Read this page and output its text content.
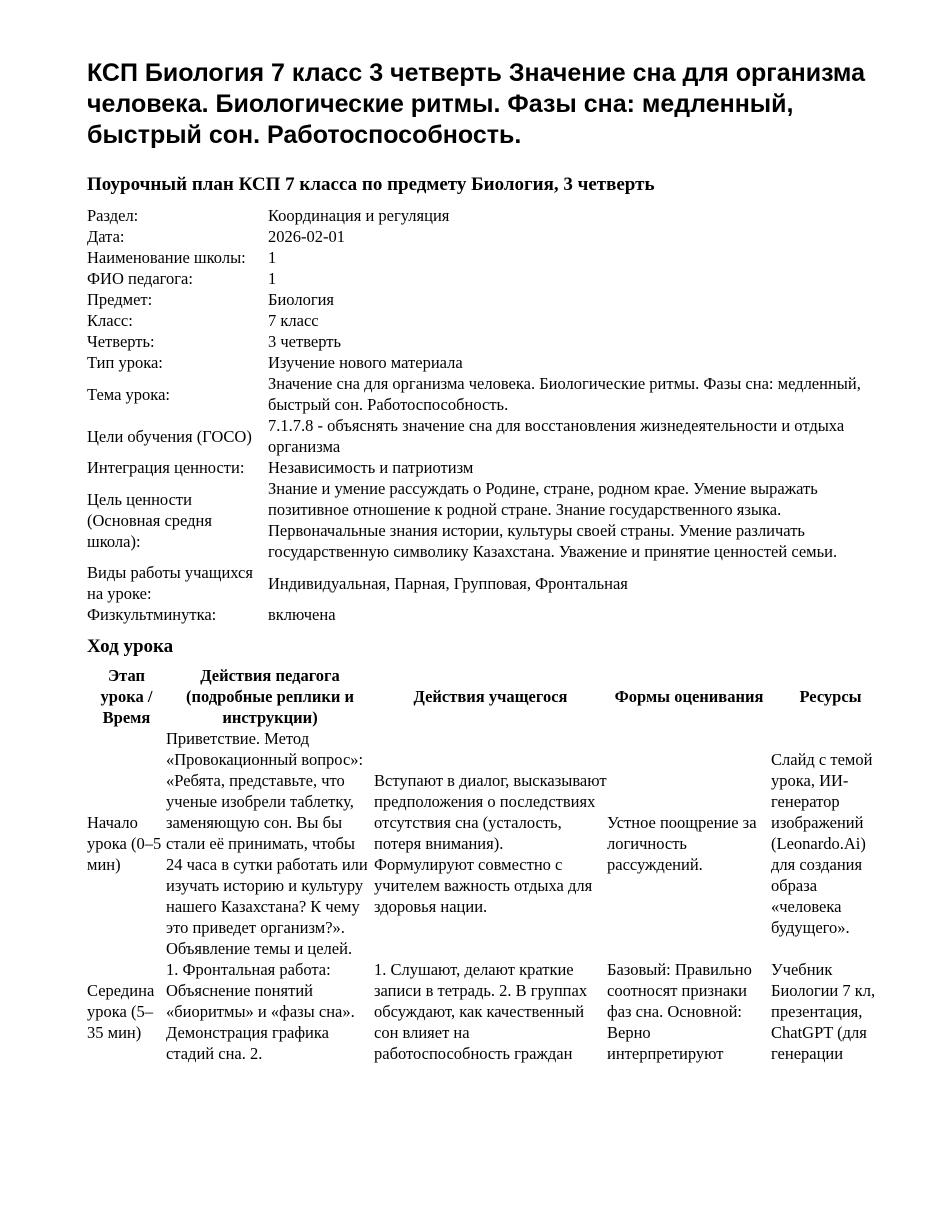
КСП Биология 7 класс 3 четверть Значение сна для организма человека. Биологические ритмы. Фазы сна: медленный, быстрый сон. Работоспособность.
Поурочный план КСП 7 класса по предмету Биология, 3 четверть
Раздел:	Координация и регуляция
Дата:	2026-02-01
Наименование школы:	1
ФИО педагога:	1
Предмет:	Биология
Класс:	7 класс
Четверть:	3 четверть
Тип урока:	Изучение нового материала
Тема урока:	Значение сна для организма человека. Биологические ритмы. Фазы сна: медленный, быстрый сон. Работоспособность.
Цели обучения (ГОСО)	7.1.7.8 - объяснять значение сна для восстановления жизнедеятельности и отдыха организма
Интеграция ценности:	Независимость и патриотизм
Цель ценности (Основная средня школа):	Знание и умение рассуждать о Родине, стране, родном крае. Умение выражать позитивное отношение к родной стране. Знание государственного языка. Первоначальные знания истории, культуры своей страны. Умение различать государственную символику Казахстана. Уважение и принятие ценностей семьи.
Виды работы учащихся на уроке:	Индивидуальная, Парная, Групповая, Фронтальная
Физкультминутка:	включена
Ход урока
Этап урока / Время	Действия педагога (подробные реплики и инструкции)	Действия учащегося	Формы оценивания	Ресурсы
Начало урока (0–5 мин)	Приветствие. Метод «Провокационный вопрос»: «Ребята, представьте, что ученые изобрели таблетку, заменяющую сон. Вы бы стали её принимать, чтобы 24 часа в сутки работать или изучать историю и культуру нашего Казахстана? К чему это приведет организм?». Объявление темы и целей.	Вступают в диалог, высказывают предположения о последствиях отсутствия сна (усталость, потеря внимания). Формулируют совместно с учителем важность отдыха для здоровья нации.	Устное поощрение за логичность рассуждений.	Слайд с темой урока, ИИ-генератор изображений (Leonardo.Ai) для создания образа «человека будущего».
Середина урока (5–35 мин)	1. Фронтальная работа: Объяснение понятий «биоритмы» и «фазы сна». Демонстрация графика стадий сна. 2.	1. Слушают, делают краткие записи в тетрадь. 2. В группах обсуждают, как качественный сон влияет на работоспособность граждан	Базовый: Правильно соотносят признаки фаз сна. Основной: Верно интерпретируют	Учебник Биологии 7 кл, презентация, ChatGPT (для генерации
